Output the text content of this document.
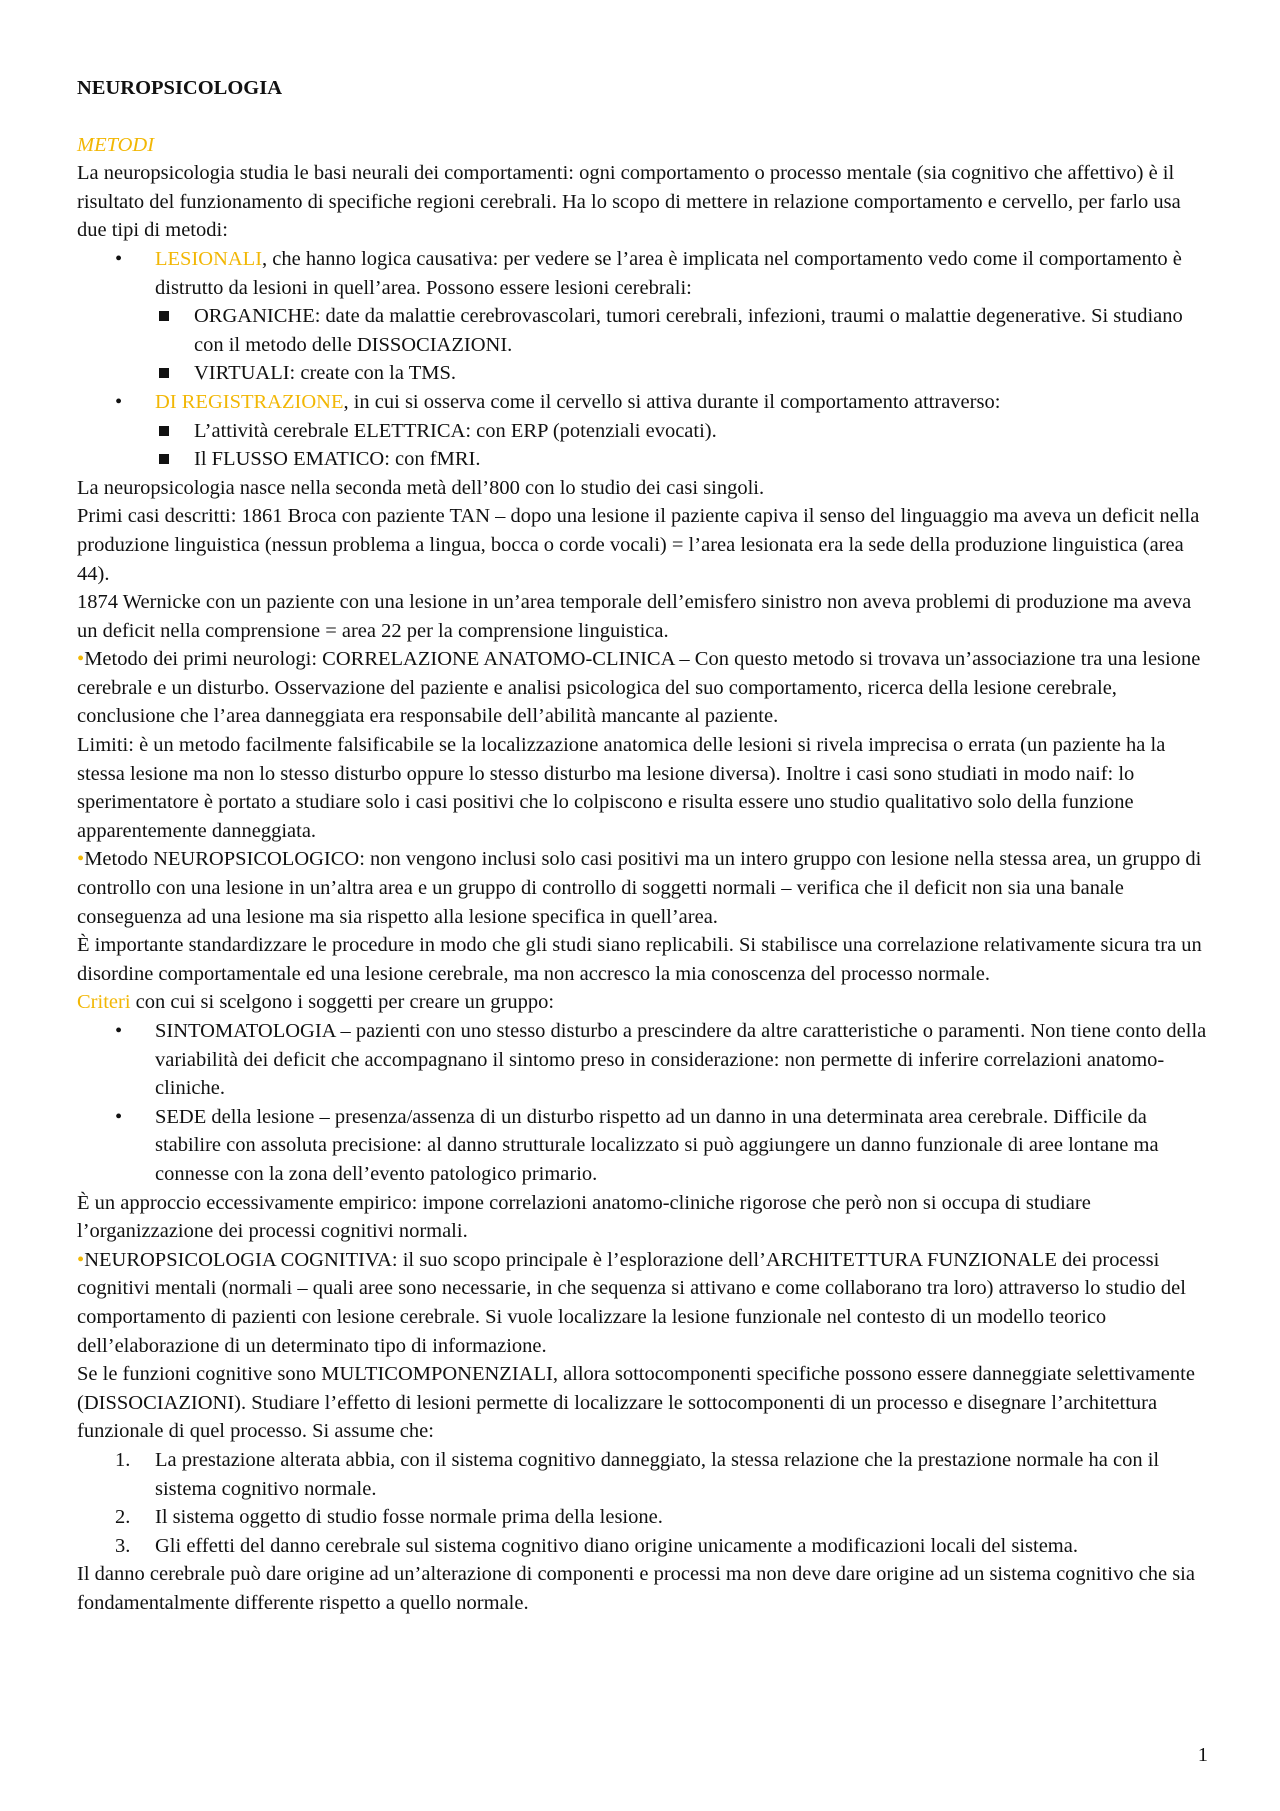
NEUROPSICOLOGIA

METODI

La neuropsicologia studia le basi neurali dei comportamenti: ogni comportamento o processo mentale (sia cognitivo che affettivo) è il risultato del funzionamento di specifiche regioni cerebrali. Ha lo scopo di mettere in relazione comportamento e cervello, per farlo usa due tipi di metodi:

• LESIONALI, che hanno logica causativa: per vedere se l’area è implicata nel comportamento vedo come il comportamento è distrutto da lesioni in quell’area. Possono essere lesioni cerebrali:
ORGANICHE: date da malattie cerebrovascolari, tumori cerebrali, infezioni, traumi o malattie degenerative. Si studiano con il metodo delle DISSOCIAZIONI.
VIRTUALI: create con la TMS.
• DI REGISTRAZIONE, in cui si osserva come il cervello si attiva durante il comportamento attraverso:
L’attività cerebrale ELETTRICA: con ERP (potenziali evocati).
Il FLUSSO EMATICO: con fMRI.

La neuropsicologia nasce nella seconda metà dell’800 con lo studio dei casi singoli.

Primi casi descritti: 1861 Broca con paziente TAN – dopo una lesione il paziente capiva il senso del linguaggio ma aveva un deficit nella produzione linguistica (nessun problema a lingua, bocca o corde vocali) = l’area lesionata era la sede della produzione linguistica (area 44).

1874 Wernicke con un paziente con una lesione in un’area temporale dell’emisfero sinistro non aveva problemi di produzione ma aveva un deficit nella comprensione = area 22 per la comprensione linguistica.

•Metodo dei primi neurologi: CORRELAZIONE ANATOMO-CLINICA – Con questo metodo si trovava un’associazione tra una lesione cerebrale e un disturbo. Osservazione del paziente e analisi psicologica del suo comportamento, ricerca della lesione cerebrale, conclusione che l’area danneggiata era responsabile dell’abilità mancante al paziente.

Limiti: è un metodo facilmente falsificabile se la localizzazione anatomica delle lesioni si rivela imprecisa o errata (un paziente ha la stessa lesione ma non lo stesso disturbo oppure lo stesso disturbo ma lesione diversa). Inoltre i casi sono studiati in modo naif: lo sperimentatore è portato a studiare solo i casi positivi che lo colpiscono e risulta essere uno studio qualitativo solo della funzione apparentemente danneggiata.

•Metodo NEUROPSICOLOGICO: non vengono inclusi solo casi positivi ma un intero gruppo con lesione nella stessa area, un gruppo di controllo con una lesione in un’altra area e un gruppo di controllo di soggetti normali – verifica che il deficit non sia una banale conseguenza ad una lesione ma sia rispetto alla lesione specifica in quell’area.

È importante standardizzare le procedure in modo che gli studi siano replicabili. Si stabilisce una correlazione relativamente sicura tra un disordine comportamentale ed una lesione cerebrale, ma non accresco la mia conoscenza del processo normale.

Criteri con cui si scelgono i soggetti per creare un gruppo:

• SINTOMATOLOGIA – pazienti con uno stesso disturbo a prescindere da altre caratteristiche o paramenti. Non tiene conto della variabilità dei deficit che accompagnano il sintomo preso in considerazione: non permette di inferire correlazioni anatomo-cliniche.
• SEDE della lesione – presenza/assenza di un disturbo rispetto ad un danno in una determinata area cerebrale. Difficile da stabilire con assoluta precisione: al danno strutturale localizzato si può aggiungere un danno funzionale di aree lontane ma connesse con la zona dell’evento patologico primario.

È un approccio eccessivamente empirico: impone correlazioni anatomo-cliniche rigorose che però non si occupa di studiare l’organizzazione dei processi cognitivi normali.

•NEUROPSICOLOGIA COGNITIVA: il suo scopo principale è l’esplorazione dell’ARCHITETTURA FUNZIONALE dei processi cognitivi mentali (normali – quali aree sono necessarie, in che sequenza si attivano e come collaborano tra loro) attraverso lo studio del comportamento di pazienti con lesione cerebrale. Si vuole localizzare la lesione funzionale nel contesto di un modello teorico dell’elaborazione di un determinato tipo di informazione.

Se le funzioni cognitive sono MULTICOMPONENZIALI, allora sottocomponenti specifiche possono essere danneggiate selettivamente (DISSOCIAZIONI). Studiare l’effetto di lesioni permette di localizzare le sottocomponenti di un processo e disegnare l’architettura funzionale di quel processo. Si assume che:

1. La prestazione alterata abbia, con il sistema cognitivo danneggiato, la stessa relazione che la prestazione normale ha con il sistema cognitivo normale.
2. Il sistema oggetto di studio fosse normale prima della lesione.
3. Gli effetti del danno cerebrale sul sistema cognitivo diano origine unicamente a modificazioni locali del sistema.

Il danno cerebrale può dare origine ad un’alterazione di componenti e processi ma non deve dare origine ad un sistema cognitivo che sia fondamentalmente differente rispetto a quello normale.

1
